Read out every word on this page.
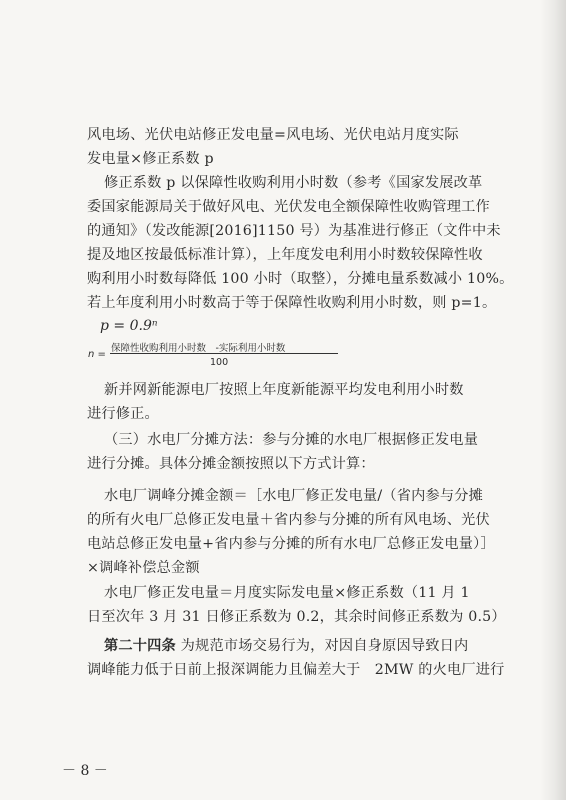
风电场、光伏电站修正发电量=风电场、光伏电站月度实际
发电量×修正系数 p
修正系数 p 以保障性收购利用小时数（参考《国家发展改革
委国家能源局关于做好风电、光伏发电全额保障性收购管理工作
的通知》（发改能源[2016]1150 号）为基准进行修正（文件中未
提及地区按最低标准计算），上年度发电利用小时数较保障性收
购利用小时数每降低 100 小时（取整），分摊电量系数减小 10%。
若上年度利用小时数高于等于保障性收购利用小时数，则 p=1。
p = 0.9ⁿ
n =
保障性收购利用小时数　-实际利用小时数
100
新并网新能源电厂按照上年度新能源平均发电利用小时数
进行修正。
（三）水电厂分摊方法：参与分摊的水电厂根据修正发电量
进行分摊。具体分摊金额按照以下方式计算：
水电厂调峰分摊金额＝［水电厂修正发电量/（省内参与分摊
的所有火电厂总修正发电量＋省内参与分摊的所有风电场、光伏
电站总修正发电量+省内参与分摊的所有水电厂总修正发电量）］
×调峰补偿总金额
水电厂修正发电量＝月度实际发电量×修正系数（11 月 1
日至次年 3 月 31 日修正系数为 0.2，其余时间修正系数为 0.5）
第二十四条 为规范市场交易行为，对因自身原因导致日内
调峰能力低于日前上报深调能力且偏差大于　2MW 的火电厂进行
－ 8 －
